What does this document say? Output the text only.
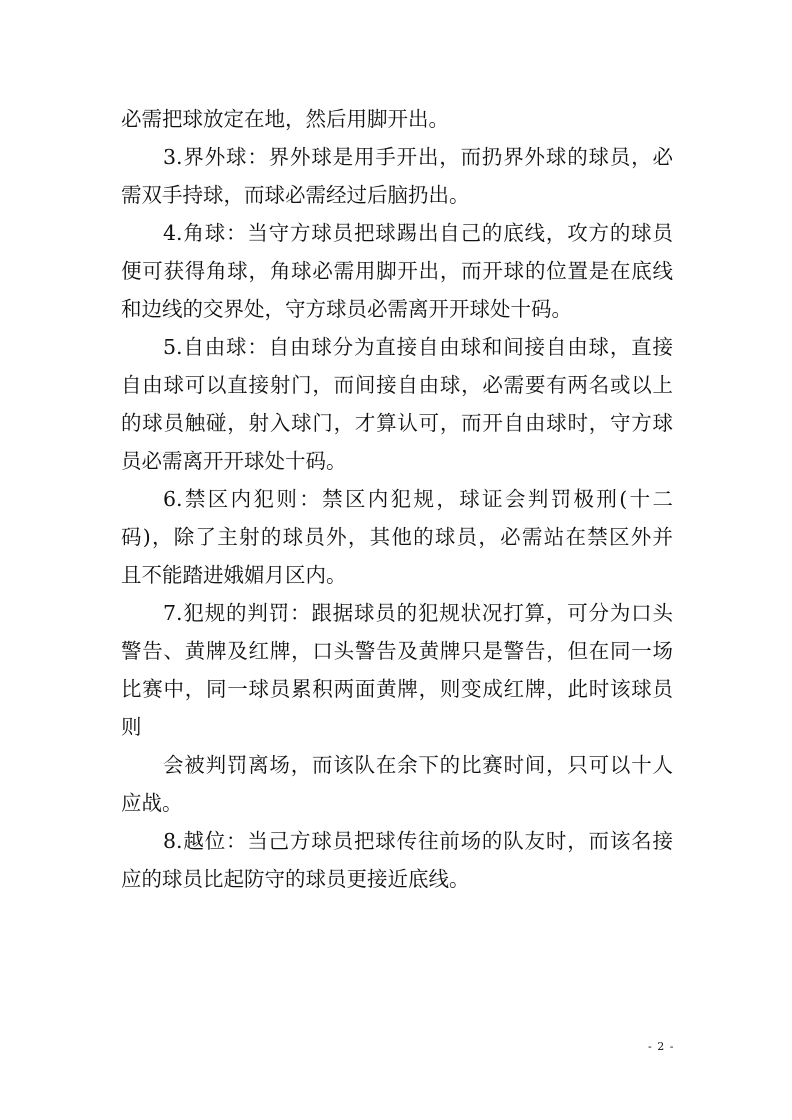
必需把球放定在地，然后用脚开出。
3.界外球：界外球是用手开出，而扔界外球的球员，必
需双手持球，而球必需经过后脑扔出。
4.角球：当守方球员把球踢出自己的底线，攻方的球员
便可获得角球，角球必需用脚开出，而开球的位置是在底线
和边线的交界处，守方球员必需离开开球处十码。
5.自由球：自由球分为直接自由球和间接自由球，直接
自由球可以直接射门，而间接自由球，必需要有两名或以上
的球员触碰，射入球门，才算认可，而开自由球时，守方球
员必需离开开球处十码。
6.禁区内犯则：禁区内犯规，球证会判罚极刑(十二
码)，除了主射的球员外，其他的球员，必需站在禁区外并
且不能踏进娥媚月区内。
7.犯规的判罚：跟据球员的犯规状况打算，可分为口头
警告、黄牌及红牌，口头警告及黄牌只是警告，但在同一场
比赛中，同一球员累积两面黄牌，则变成红牌，此时该球员
则
会被判罚离场，而该队在余下的比赛时间，只可以十人
应战。
8.越位：当己方球员把球传往前场的队友时，而该名接
应的球员比起防守的球员更接近底线。
- 2 -
